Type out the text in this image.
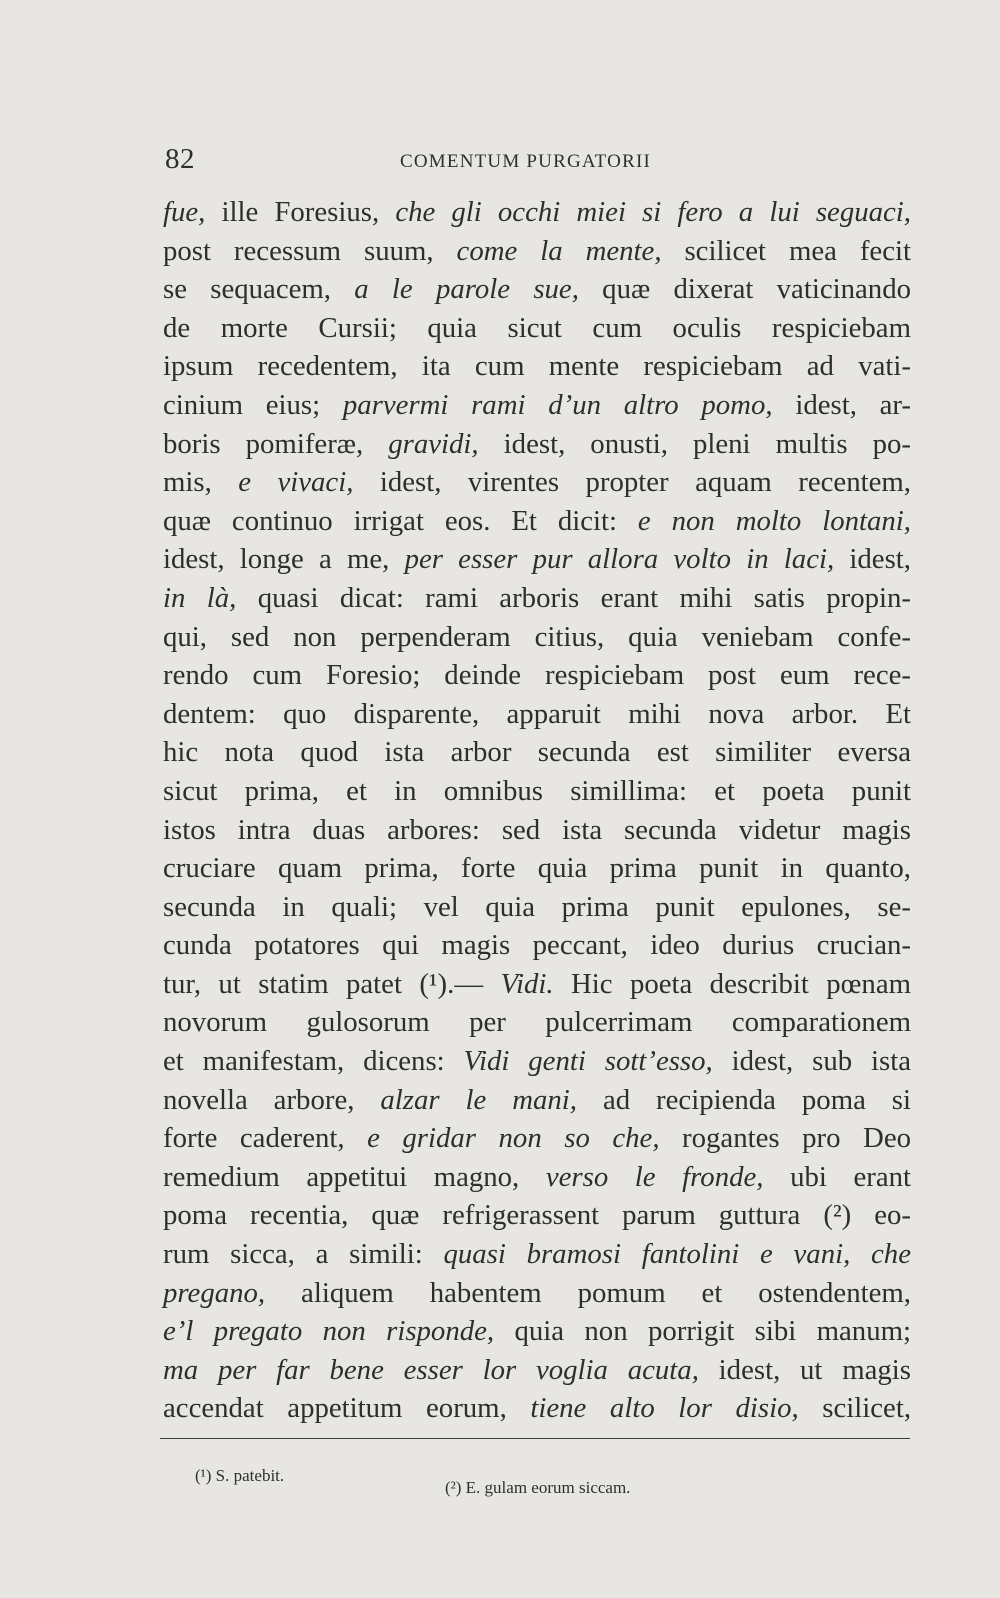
82	COMENTUM PURGATORII
fue, ille Foresius, che gli occhi miei si fero a lui seguaci,
post recessum suum, come la mente, scilicet mea fecit
se sequacem, a le parole sue, quæ dixerat vaticinando
de morte Cursii; quia sicut cum oculis respiciebam
ipsum recedentem, ita cum mente respiciebam ad vati-
cinium eius; parvermi rami d’un altro pomo, idest, ar-
boris pomiferæ, gravidi, idest, onusti, pleni multis po-
mis, e vivaci, idest, virentes propter aquam recentem,
quæ continuo irrigat eos. Et dicit: e non molto lontani,
idest, longe a me, per esser pur allora volto in laci, idest,
in là, quasi dicat: rami arboris erant mihi satis propin-
qui, sed non perpenderam citius, quia veniebam confe-
rendo cum Foresio; deinde respiciebam post eum rece-
dentem: quo disparente, apparuit mihi nova arbor. Et
hic nota quod ista arbor secunda est similiter eversa
sicut prima, et in omnibus simillima: et poeta punit
istos intra duas arbores: sed ista secunda videtur magis
cruciare quam prima, forte quia prima punit in quanto,
secunda in quali; vel quia prima punit epulones, se-
cunda potatores qui magis peccant, ideo durius crucian-
tur, ut statim patet (¹).— Vidi. Hic poeta describit pœnam
novorum gulosorum per pulcerrimam comparationem
et manifestam, dicens: Vidi genti sott’esso, idest, sub ista
novella arbore, alzar le mani, ad recipienda poma si
forte caderent, e gridar non so che, rogantes pro Deo
remedium appetitui magno, verso le fronde, ubi erant
poma recentia, quæ refrigerassent parum guttura (²) eo-
rum sicca, a simili: quasi bramosi fantolini e vani, che
pregano, aliquem habentem pomum et ostendentem,
e’l pregato non risponde, quia non porrigit sibi manum;
ma per far bene esser lor voglia acuta, idest, ut magis
accendat appetitum eorum, tiene alto lor disio, scilicet,
(¹) S. patebit.
(²) E. gulam eorum siccam.
